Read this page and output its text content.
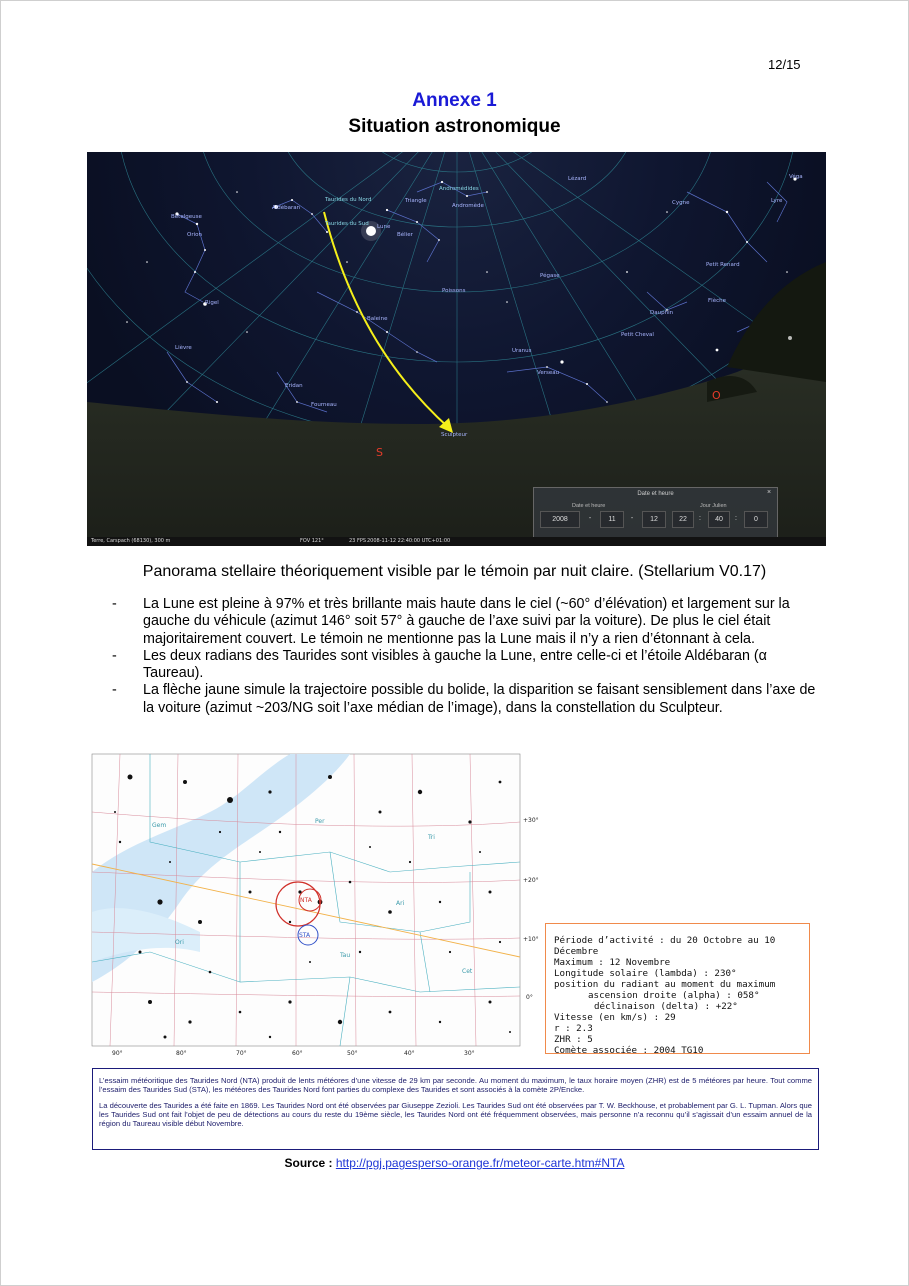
12/15
Annexe 1
Situation astronomique
Taurides du Nord
Taurides du Sud
Aldébaran
Bételgeuse
Orion
Rigel
Lièvre
Eridan
Fourneau
Baleine
Bélier
Lune
Triangle
Andromédides
Andromède
Poissons
Uranus
Verseau
Sculpteur
Lézard
Cygne
Véga
Lyre
Pégase
Petit Renard
Dauphin
Flèche
Petit Cheval
S
O
Date et heure	×
Date et heure	Jour Julien
2008	-	11	-	12	22	:	40	:	0
Terre, Carspach (68130), 300 m	FOV 121°	23 FPS 2008-11-12 22:40:00 UTC+01:00
Panorama stellaire théoriquement visible par le témoin par nuit claire. (Stellarium V0.17)
- La Lune est pleine à 97% et très brillante mais haute dans le ciel (~60° d’élévation) et largement sur la gauche du véhicule (azimut 146° soit 57° à gauche de l’axe suivi par la voiture). De plus le ciel était majoritairement couvert. Le témoin ne mentionne pas la Lune mais il n’y a rien d’étonnant à cela.
- Les deux radians des Taurides sont visibles à gauche la Lune, entre celle-ci et l’étoile Aldébaran (α Taureau).
- La flèche jaune simule la trajectoire possible du bolide, la disparition se faisant sensiblement dans l’axe de la voiture (azimut ~203/NG soit l’axe médian de l’image), dans la constellation du Sculpteur.
NTA
STA
Gem
Per
Tri
Ari
Tau
Ori
Cet
90°	80°	70°	60°	50°	40°	30°
+30°
+20°
+10°
0°
Période d’activité : du 20 Octobre au 10 Décembre
Maximum : 12 Novembre
Longitude solaire (lambda) : 230°
position du radiant au moment du maximum
ascension droite (alpha) : 058°
déclinaison (delta) : +22°
Vitesse (en km/s) : 29
r : 2.3
ZHR : 5
Comète associée : 2004 TG10

L’essaim météoritique des Taurides Nord (NTA) produit de lents météores d’une vitesse de 29 km par seconde. Au moment du maximum, le taux horaire moyen (ZHR) est de 5 météores par heure. Tout comme l’essaim des Taurides Sud (STA), les météores des Taurides Nord font parties du complexe des Taurides et sont associés à la comète 2P/Encke.

La découverte des Taurides a été faite en 1869. Les Taurides Nord ont été observées par Giuseppe Zezioli. Les Taurides Sud ont été observées par T. W. Beckhouse, et probablement par G. L. Tupman. Alors que les Taurides Sud ont fait l’objet de peu de détections au cours du reste du 19ème siècle, les Taurides Nord ont été fréquemment observées, mais personne n’a reconnu qu’il s’agissait d’un essaim annuel de la région du Taureau visible début Novembre.

Source : http://pgj.pagesperso-orange.fr/meteor-carte.htm#NTA
